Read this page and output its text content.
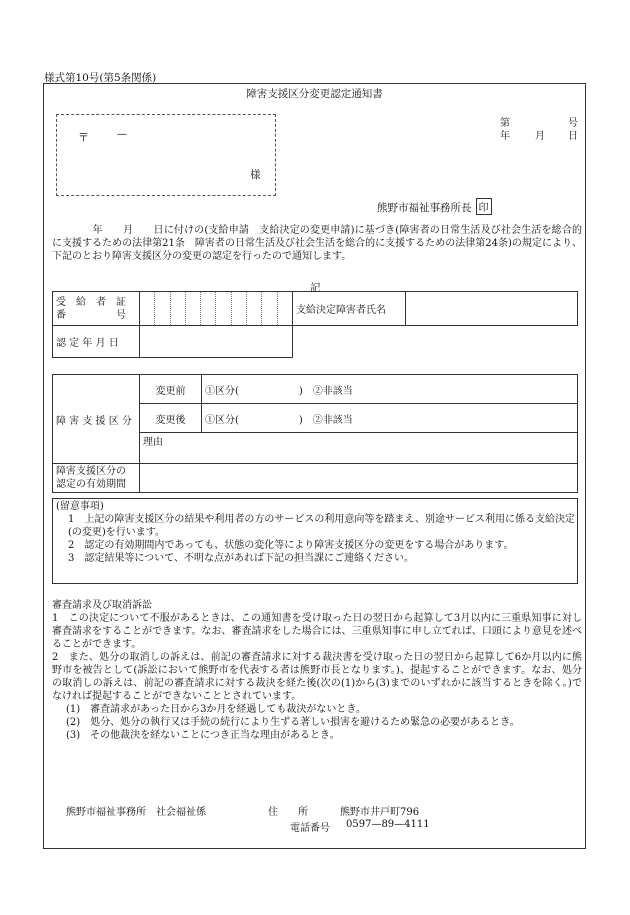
様式第10号(第5条関係)
障害支援区分変更認定通知書
〒	—
様
第	号
年	月 日
熊野市福祉事務所長 印
　　　　年　　月　　日に付けの(支給申請　支給決定の変更申請)に基づき(障害者の日常生活及び社会生活を総合的に支援するための法律第21条　障害者の日常生活及び社会生活を総合的に支援するための法律第24条)の規定により、下記のとおり障害支援区分の変更の認定を行ったので通知します。
記
受　給　者　証
番　　　　　号		支給決定障害者氏名	
認 定 年 月 日			
障 害 支 援 区 分	変更前	①区分(　　　　　　)　②非該当
	変更後	①区分(　　　　　　)　②非該当
	理由	

障害支援区分の
認定の有効期間		

(留意事項)

1　上記の障害支援区分の結果や利用者の方のサービスの利用意向等を踏まえ、別途サービス利用に係る支給決定(の変更)を行います。

2　認定の有効期間内であっても、状態の変化等により障害支援区分の変更をする場合があります。

3　認定結果等について、不明な点があれば下記の担当課にご連絡ください。

審査請求及び取消訴訟

1　この決定について不服があるときは、この通知書を受け取った日の翌日から起算して3月以内に三重県知事に対し審査請求をすることができます。なお、審査請求をした場合には、三重県知事に申し立てれば、口頭により意見を述べることができます。

2　また、処分の取消しの訴えは、前記の審査請求に対する裁決書を受け取った日の翌日から起算して6か月以内に熊野市を被告として(訴訟において熊野市を代表する者は熊野市長となります。)、提起することができます。なお、処分の取消しの訴えは、前記の審査請求に対する裁決を経た後(次の(1)から(3)までのいずれかに該当するときを除く。)でなければ提起することができないこととされています。

(1)　審査請求があった日から3か月を経過しても裁決がないとき。

(2)　処分、処分の執行又は手続の続行により生ずる著しい損害を避けるため緊急の必要があるとき。

(3)　その他裁決を経ないことにつき正当な理由があるとき。

熊野市福祉事務所　社会福祉係	住　　所	熊野市井戸町796
電話番号 0597—89—4111
